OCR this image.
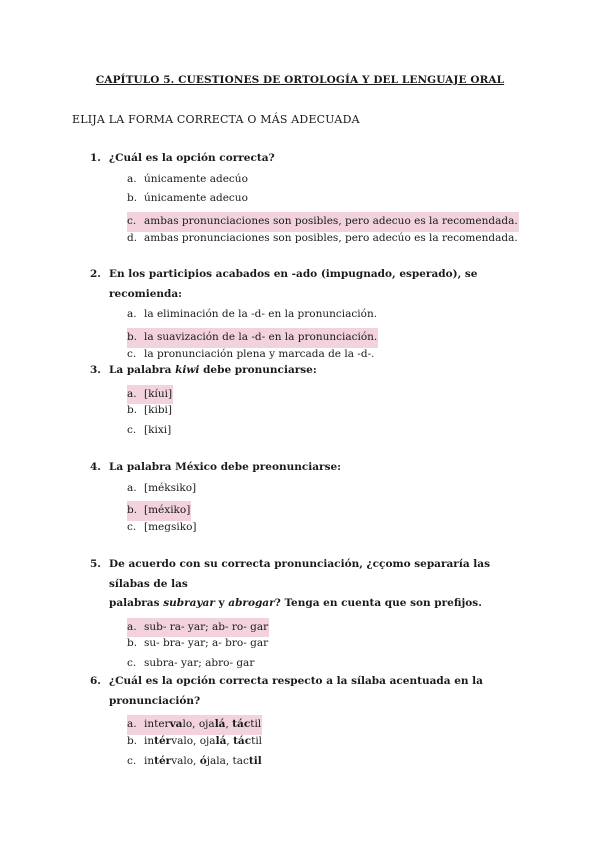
CAPÍTULO 5. CUESTIONES DE ORTOLOGÍA Y DEL LENGUAJE ORAL
ELIJA LA FORMA CORRECTA O MÁS ADECUADA
1. ¿Cuál es la opción correcta?
a. únicamente adecúo
b. únicamente adecuo
c. ambas pronunciaciones son posibles, pero adecuo es la recomendada.
d. ambas pronunciaciones son posibles, pero adecúo es la recomendada.
2. En los participios acabados en -ado (impugnado, esperado), se recomienda:
a. la eliminación de la -d- en la pronunciación.
b. la suavización de la -d- en la pronunciación.
c. la pronunciación plena y marcada de la -d-.
3. La palabra kiwi debe pronunciarse:
a. [kíui]
b. [kibi]
c. [kixi]
4. La palabra México debe preonunciarse:
a. [méksiko]
b. [méxiko]
c. [megsiko]
5. De acuerdo con su correcta pronunciación, ¿cçomo separaría las sílabas de las
palabras subrayar y abrogar? Tenga en cuenta que son prefijos.
a. sub- ra- yar; ab- ro- gar
b. su- bra- yar; a- bro- gar
c. subra- yar; abro- gar
6. ¿Cuál es la opción correcta respecto a la sílaba acentuada en la pronunciación?
a. intervalo, ojalá, táctil
b. intérvalo, ojalá, táctil
c. intérvalo, ójala, tactil
